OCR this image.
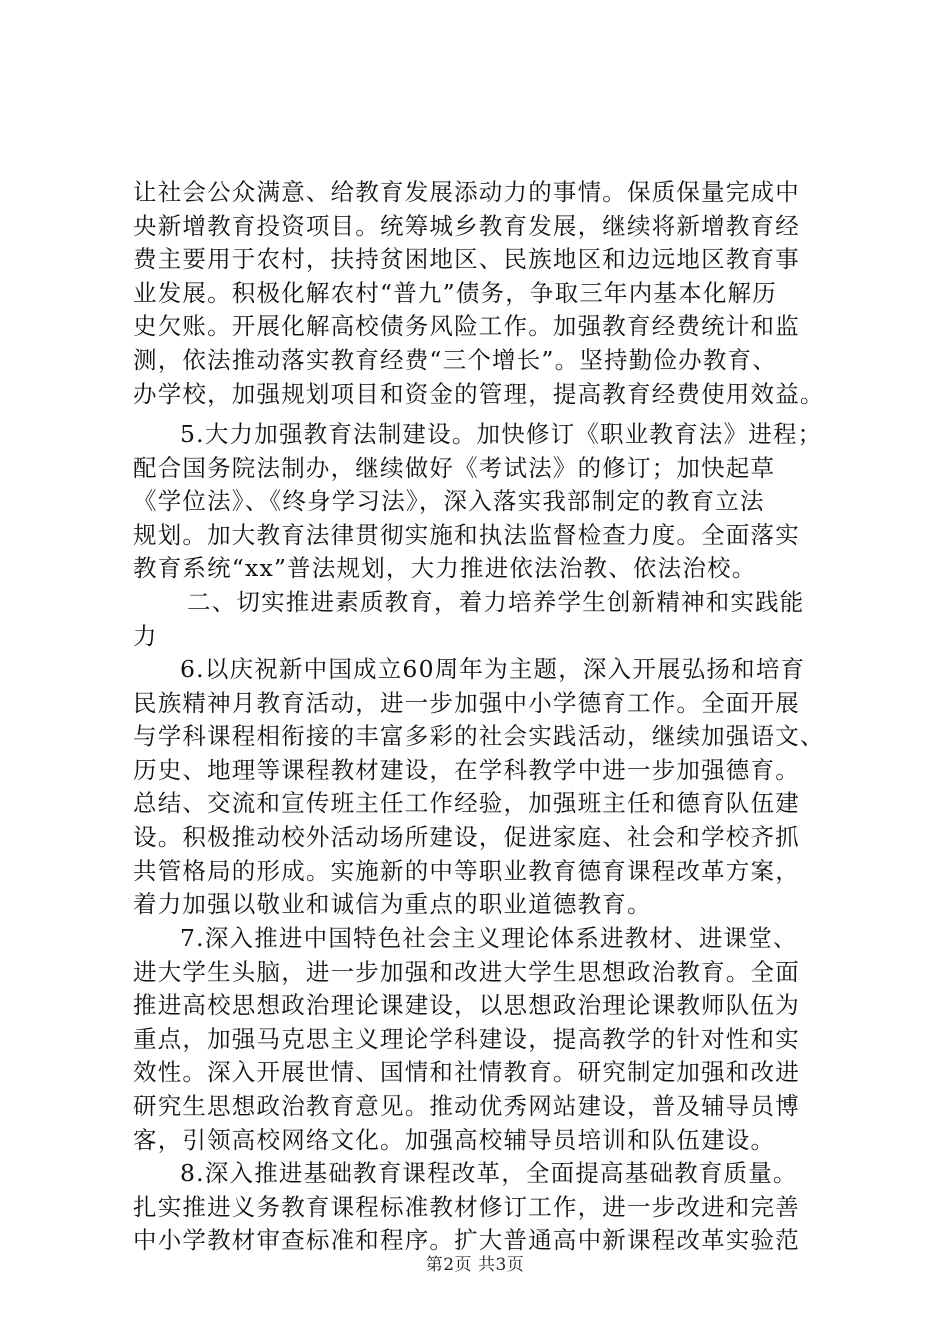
让社会公众满意、给教育发展添动力的事情。保质保量完成中
央新增教育投资项目。统筹城乡教育发展，继续将新增教育经
费主要用于农村，扶持贫困地区、民族地区和边远地区教育事
业发展。积极化解农村“普九”债务，争取三年内基本化解历
史欠账。开展化解高校债务风险工作。加强教育经费统计和监
测，依法推动落实教育经费“三个增长”。坚持勤俭办教育、
办学校，加强规划项目和资金的管理，提高教育经费使用效益。
5.大力加强教育法制建设。加快修订《职业教育法》进程；
配合国务院法制办，继续做好《考试法》的修订；加快起草
《学位法》、《终身学习法》，深入落实我部制定的教育立法
规划。加大教育法律贯彻实施和执法监督检查力度。全面落实
教育系统“xx”普法规划，大力推进依法治教、依法治校。
二、切实推进素质教育，着力培养学生创新精神和实践能
力
6.以庆祝新中国成立60周年为主题，深入开展弘扬和培育
民族精神月教育活动，进一步加强中小学德育工作。全面开展
与学科课程相衔接的丰富多彩的社会实践活动，继续加强语文、
历史、地理等课程教材建设，在学科教学中进一步加强德育。
总结、交流和宣传班主任工作经验，加强班主任和德育队伍建
设。积极推动校外活动场所建设，促进家庭、社会和学校齐抓
共管格局的形成。实施新的中等职业教育德育课程改革方案，
着力加强以敬业和诚信为重点的职业道德教育。
7.深入推进中国特色社会主义理论体系进教材、进课堂、
进大学生头脑，进一步加强和改进大学生思想政治教育。全面
推进高校思想政治理论课建设，以思想政治理论课教师队伍为
重点，加强马克思主义理论学科建设，提高教学的针对性和实
效性。深入开展世情、国情和社情教育。研究制定加强和改进
研究生思想政治教育意见。推动优秀网站建设，普及辅导员博
客，引领高校网络文化。加强高校辅导员培训和队伍建设。
8.深入推进基础教育课程改革，全面提高基础教育质量。
扎实推进义务教育课程标准教材修订工作，进一步改进和完善
中小学教材审查标准和程序。扩大普通高中新课程改革实验范
第2页 共3页
